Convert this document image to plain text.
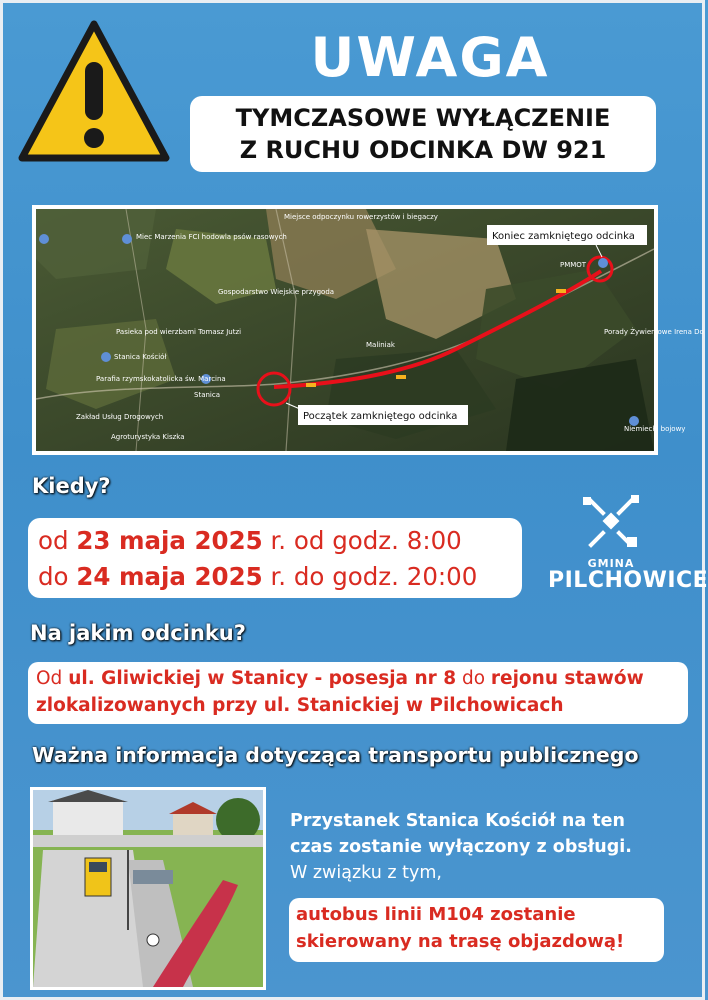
UWAGA
TYMCZASOWE WYŁĄCZENIE
Z RUCHU ODCINKA DW 921
Miejsce odpoczynku rowerzystów i biegaczy
Miec Marzenia FCI hodowla psów rasowych
Gospodarstwo Wiejskie przygoda
Pasieka pod wierzbami Tomasz Jutzi
Parafia rzymskokatolicka św. Marcina
Stanica
Zakład Usług Drogowych
Agroturystyka Kiszka
PMMOT
Porady Żywieniowe Irena Do
Niemiecki bojowy
Maliniak
Stanica Kościół
Koniec zamkniętego odcinka
Początek zamkniętego odcinka
Kiedy?
od 23 maja 2025 r. od godz. 8:00
do 24 maja 2025 r. do godz. 20:00	GMINA
PILCHOWICE
Na jakim odcinku?
Od ul. Gliwickiej w Stanicy - posesja nr 8 do rejonu stawów
zlokalizowanych przy ul. Stanickiej w Pilchowicach
Ważna informacja dotycząca transportu publicznego
Przystanek Stanica Kościół na ten
czas zostanie wyłączony z obsługi.
W związku z tym,
autobus linii M104 zostanie
skierowany na trasę objazdową!
